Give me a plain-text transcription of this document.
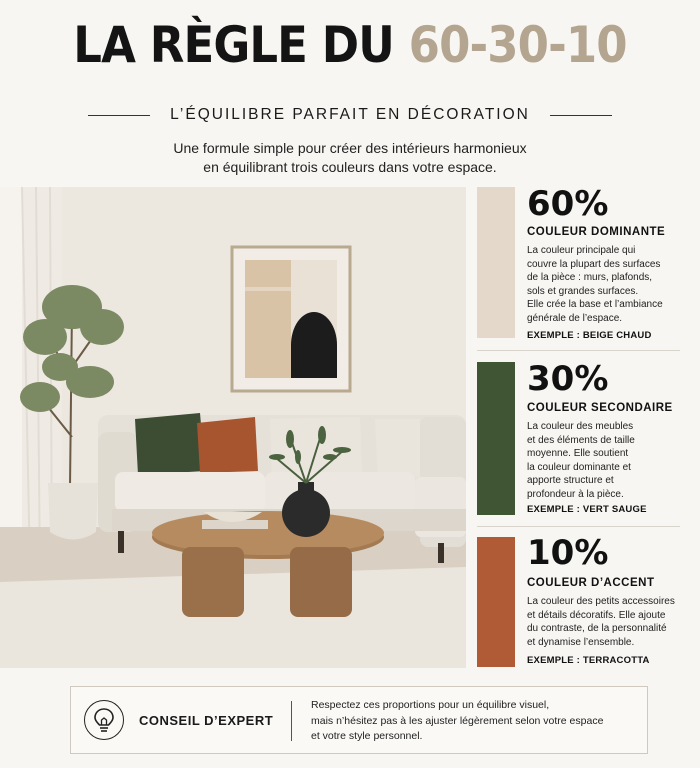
LA RÈGLE DU 60-30-10
L’ÉQUILIBRE PARFAIT EN DÉCORATION
Une formule simple pour créer des intérieurs harmonieux
en équilibrant trois couleurs dans votre espace.
60%
COULEUR DOMINANTE
La couleur principale qui
couvre la plupart des surfaces
de la pièce : murs, plafonds,
sols et grandes surfaces.
Elle crée la base et l’ambiance
générale de l’espace.
EXEMPLE : BEIGE CHAUD
30%
COULEUR SECONDAIRE
La couleur des meubles
et des éléments de taille
moyenne. Elle soutient
la couleur dominante et
apporte structure et
profondeur à la pièce.
EXEMPLE : VERT SAUGE
10%
COULEUR D’ACCENT
La couleur des petits accessoires
et détails décoratifs. Elle ajoute
du contraste, de la personnalité
et dynamise l’ensemble.
EXEMPLE : TERRACOTTA
CONSEIL D’EXPERT
Respectez ces proportions pour un équilibre visuel,
mais n’hésitez pas à les ajuster légèrement selon votre espace
et votre style personnel.
